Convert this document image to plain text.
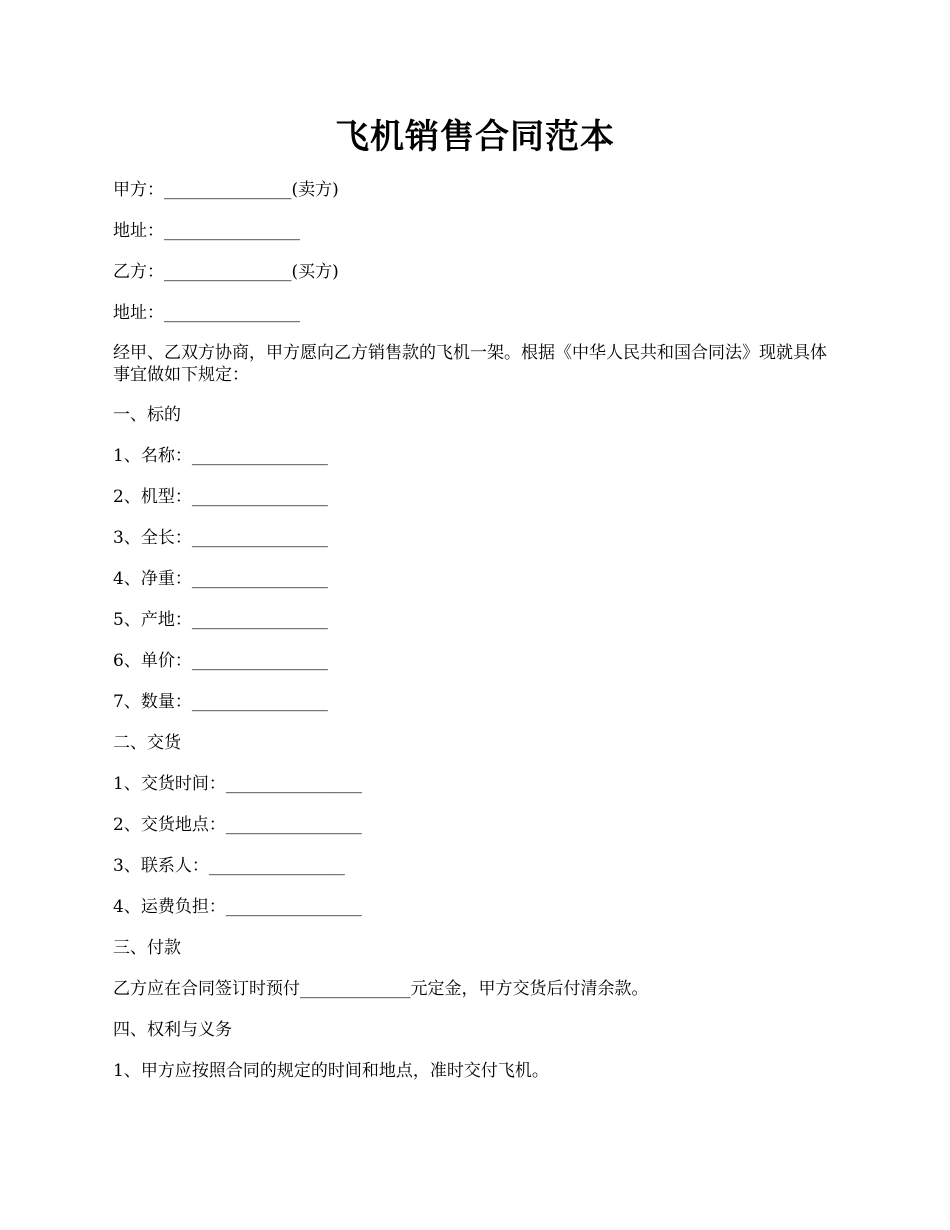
飞机销售合同范本
甲方：_______________(卖方)
地址：________________
乙方：_______________(买方)
地址：________________
经甲、乙双方协商，甲方愿向乙方销售款的飞机一架。根据《中华人民共和国合同法》现就具体事宜做如下规定：
一、标的
1、名称：________________
2、机型：________________
3、全长：________________
4、净重：________________
5、产地：________________
6、单价：________________
7、数量：________________
二、交货
1、交货时间：________________
2、交货地点：________________
3、联系人：________________
4、运费负担：________________
三、付款
乙方应在合同签订时预付_____________元定金，甲方交货后付清余款。
四、权利与义务
1、甲方应按照合同的规定的时间和地点，准时交付飞机。
